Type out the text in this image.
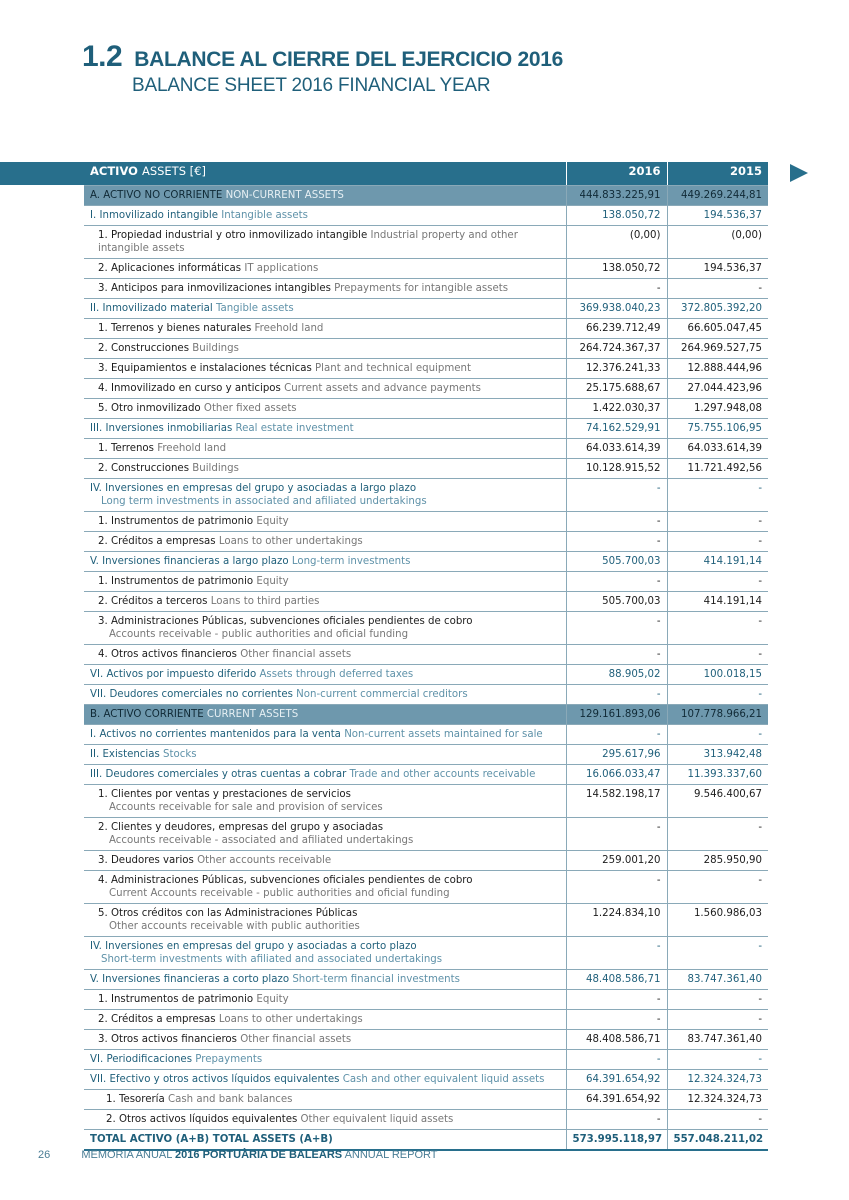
1.2 BALANCE AL CIERRE DEL EJERCICIO 2016
BALANCE SHEET 2016 FINANCIAL YEAR
ACTIVO ASSETS [€]	2016	2015
A. ACTIVO NO CORRIENTE NON-CURRENT ASSETS	444.833.225,91	449.269.244,81
I. Inmovilizado intangible Intangible assets	138.050,72	194.536,37
1. Propiedad industrial y otro inmovilizado intangible Industrial property and other intangible assets	(0,00)	(0,00)
2. Aplicaciones informáticas IT applications	138.050,72	194.536,37
3. Anticipos para inmovilizaciones intangibles Prepayments for intangible assets	-	-
II. Inmovilizado material Tangible assets	369.938.040,23	372.805.392,20
1. Terrenos y bienes naturales Freehold land	66.239.712,49	66.605.047,45
2. Construcciones Buildings	264.724.367,37	264.969.527,75
3. Equipamientos e instalaciones técnicas Plant and technical equipment	12.376.241,33	12.888.444,96
4. Inmovilizado en curso y anticipos Current assets and advance payments	25.175.688,67	27.044.423,96
5. Otro inmovilizado Other fixed assets	1.422.030,37	1.297.948,08
III. Inversiones inmobiliarias Real estate investment	74.162.529,91	75.755.106,95
1. Terrenos Freehold land	64.033.614,39	64.033.614,39
2. Construcciones Buildings	10.128.915,52	11.721.492,56
IV. Inversiones en empresas del grupo y asociadas a largo plazo
Long term investments in associated and afiliated undertakings	-	-
1. Instrumentos de patrimonio Equity	-	-
2. Créditos a empresas Loans to other undertakings	-	-
V. Inversiones financieras a largo plazo Long-term investments	505.700,03	414.191,14
1. Instrumentos de patrimonio Equity	-	-
2. Créditos a terceros Loans to third parties	505.700,03	414.191,14
3. Administraciones Públicas, subvenciones oficiales pendientes de cobro
Accounts receivable - public authorities and oficial funding	-	-
4. Otros activos financieros Other financial assets	-	-
VI. Activos por impuesto diferido Assets through deferred taxes	88.905,02	100.018,15
VII. Deudores comerciales no corrientes Non-current commercial creditors	-	-
B. ACTIVO CORRIENTE CURRENT ASSETS	129.161.893,06	107.778.966,21
I. Activos no corrientes mantenidos para la venta Non-current assets maintained for sale	-	-
II. Existencias Stocks	295.617,96	313.942,48
III. Deudores comerciales y otras cuentas a cobrar Trade and other accounts receivable	16.066.033,47	11.393.337,60
1. Clientes por ventas y prestaciones de servicios
Accounts receivable for sale and provision of services	14.582.198,17	9.546.400,67
2. Clientes y deudores, empresas del grupo y asociadas
Accounts receivable - associated and afiliated undertakings	-	-
3. Deudores varios Other accounts receivable	259.001,20	285.950,90
4. Administraciones Públicas, subvenciones oficiales pendientes de cobro
Current Accounts receivable - public authorities and oficial funding	-	-
5. Otros créditos con las Administraciones Públicas
Other accounts receivable with public authorities	1.224.834,10	1.560.986,03
IV. Inversiones en empresas del grupo y asociadas a corto plazo
Short-term investments with afiliated and associated undertakings	-	-
V. Inversiones financieras a corto plazo Short-term financial investments	48.408.586,71	83.747.361,40
1. Instrumentos de patrimonio Equity	-	-
2. Créditos a empresas Loans to other undertakings	-	-
3. Otros activos financieros Other financial assets	48.408.586,71	83.747.361,40
VI. Periodificaciones Prepayments	-	-
VII. Efectivo y otros activos líquidos equivalentes Cash and other equivalent liquid assets	64.391.654,92	12.324.324,73
1. Tesorería Cash and bank balances	64.391.654,92	12.324.324,73
2. Otros activos líquidos equivalentes Other equivalent liquid assets	-	-
TOTAL ACTIVO (A+B) TOTAL ASSETS (A+B)	573.995.118,97	557.048.211,02
26	MEMORIA ANUAL 2016 PORTUÀRIA DE BALEARS ANNUAL REPORT
